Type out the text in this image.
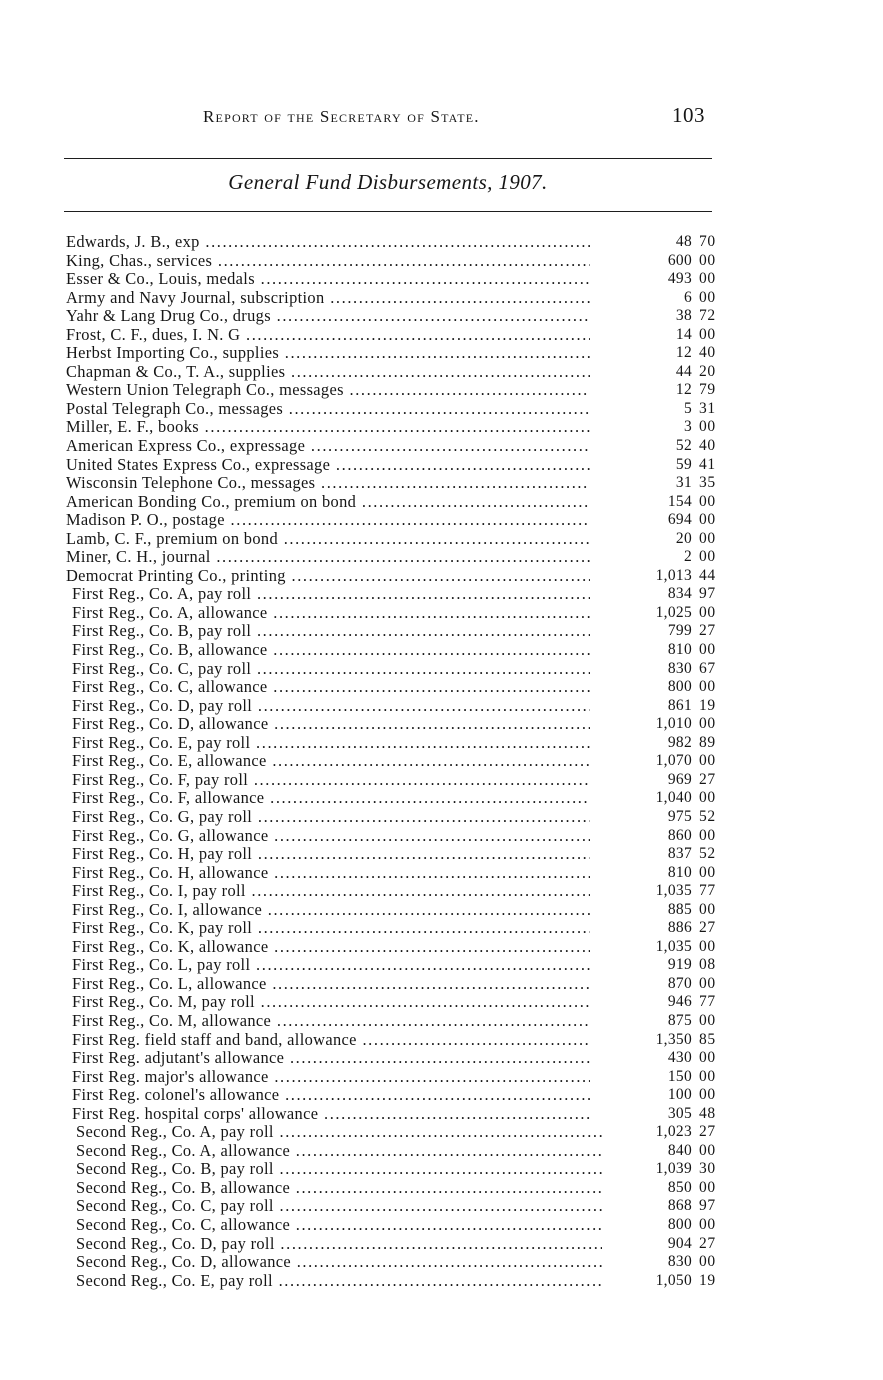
Report of the Secretary of State.	103
General Fund Disbursements, 1907.
Edwards, J. B., exp .....	48 70
King, Chas., services .....	600 00
Esser & Co., Louis, medals .....	493 00
Army and Navy Journal, subscription .....	6 00
Yahr & Lang Drug Co., drugs .....	38 72
Frost, C. F., dues, I. N. G .....	14 00
Herbst Importing Co., supplies .....	12 40
Chapman & Co., T. A., supplies .....	44 20
Western Union Telegraph Co., messages .....	12 79
Postal Telegraph Co., messages .....	5 31
Miller, E. F., books .....	3 00
American Express Co., expressage .....	52 40
United States Express Co., expressage .....	59 41
Wisconsin Telephone Co., messages .....	31 35
American Bonding Co., premium on bond .....	154 00
Madison P. O., postage .....	694 00
Lamb, C. F., premium on bond .....	20 00
Miner, C. H., journal .....	2 00
Democrat Printing Co., printing .....	1,013 44
First Reg., Co. A, pay roll .....	834 97
First Reg., Co. A, allowance .....	1,025 00
First Reg., Co. B, pay roll .....	799 27
First Reg., Co. B, allowance .....	810 00
First Reg., Co. C, pay roll .....	830 67
First Reg., Co. C, allowance .....	800 00
First Reg., Co. D, pay roll .....	861 19
First Reg., Co. D, allowance .....	1,010 00
First Reg., Co. E, pay roll .....	982 89
First Reg., Co. E, allowance .....	1,070 00
First Reg., Co. F, pay roll .....	969 27
First Reg., Co. F, allowance .....	1,040 00
First Reg., Co. G, pay roll .....	975 52
First Reg., Co. G, allowance .....	860 00
First Reg., Co. H, pay roll .....	837 52
First Reg., Co. H, allowance .....	810 00
First Reg., Co. I, pay roll .....	1,035 77
First Reg., Co. I, allowance .....	885 00
First Reg., Co. K, pay roll .....	886 27
First Reg., Co. K, allowance .....	1,035 00
First Reg., Co. L, pay roll .....	919 08
First Reg., Co. L, allowance .....	870 00
First Reg., Co. M, pay roll .....	946 77
First Reg., Co. M, allowance .....	875 00
First Reg. field staff and band, allowance .....	1,350 85
First Reg. adjutant's allowance .....	430 00
First Reg. major's allowance .....	150 00
First Reg. colonel's allowance .....	100 00
First Reg. hospital corps' allowance .....	305 48
Second Reg., Co. A, pay roll .....	1,023 27
Second Reg., Co. A, allowance .....	840 00
Second Reg., Co. B, pay roll .....	1,039 30
Second Reg., Co. B, allowance .....	850 00
Second Reg., Co. C, pay roll .....	868 97
Second Reg., Co. C, allowance .....	800 00
Second Reg., Co. D, pay roll .....	904 27
Second Reg., Co. D, allowance .....	830 00
Second Reg., Co. E, pay roll .....	1,050 19
